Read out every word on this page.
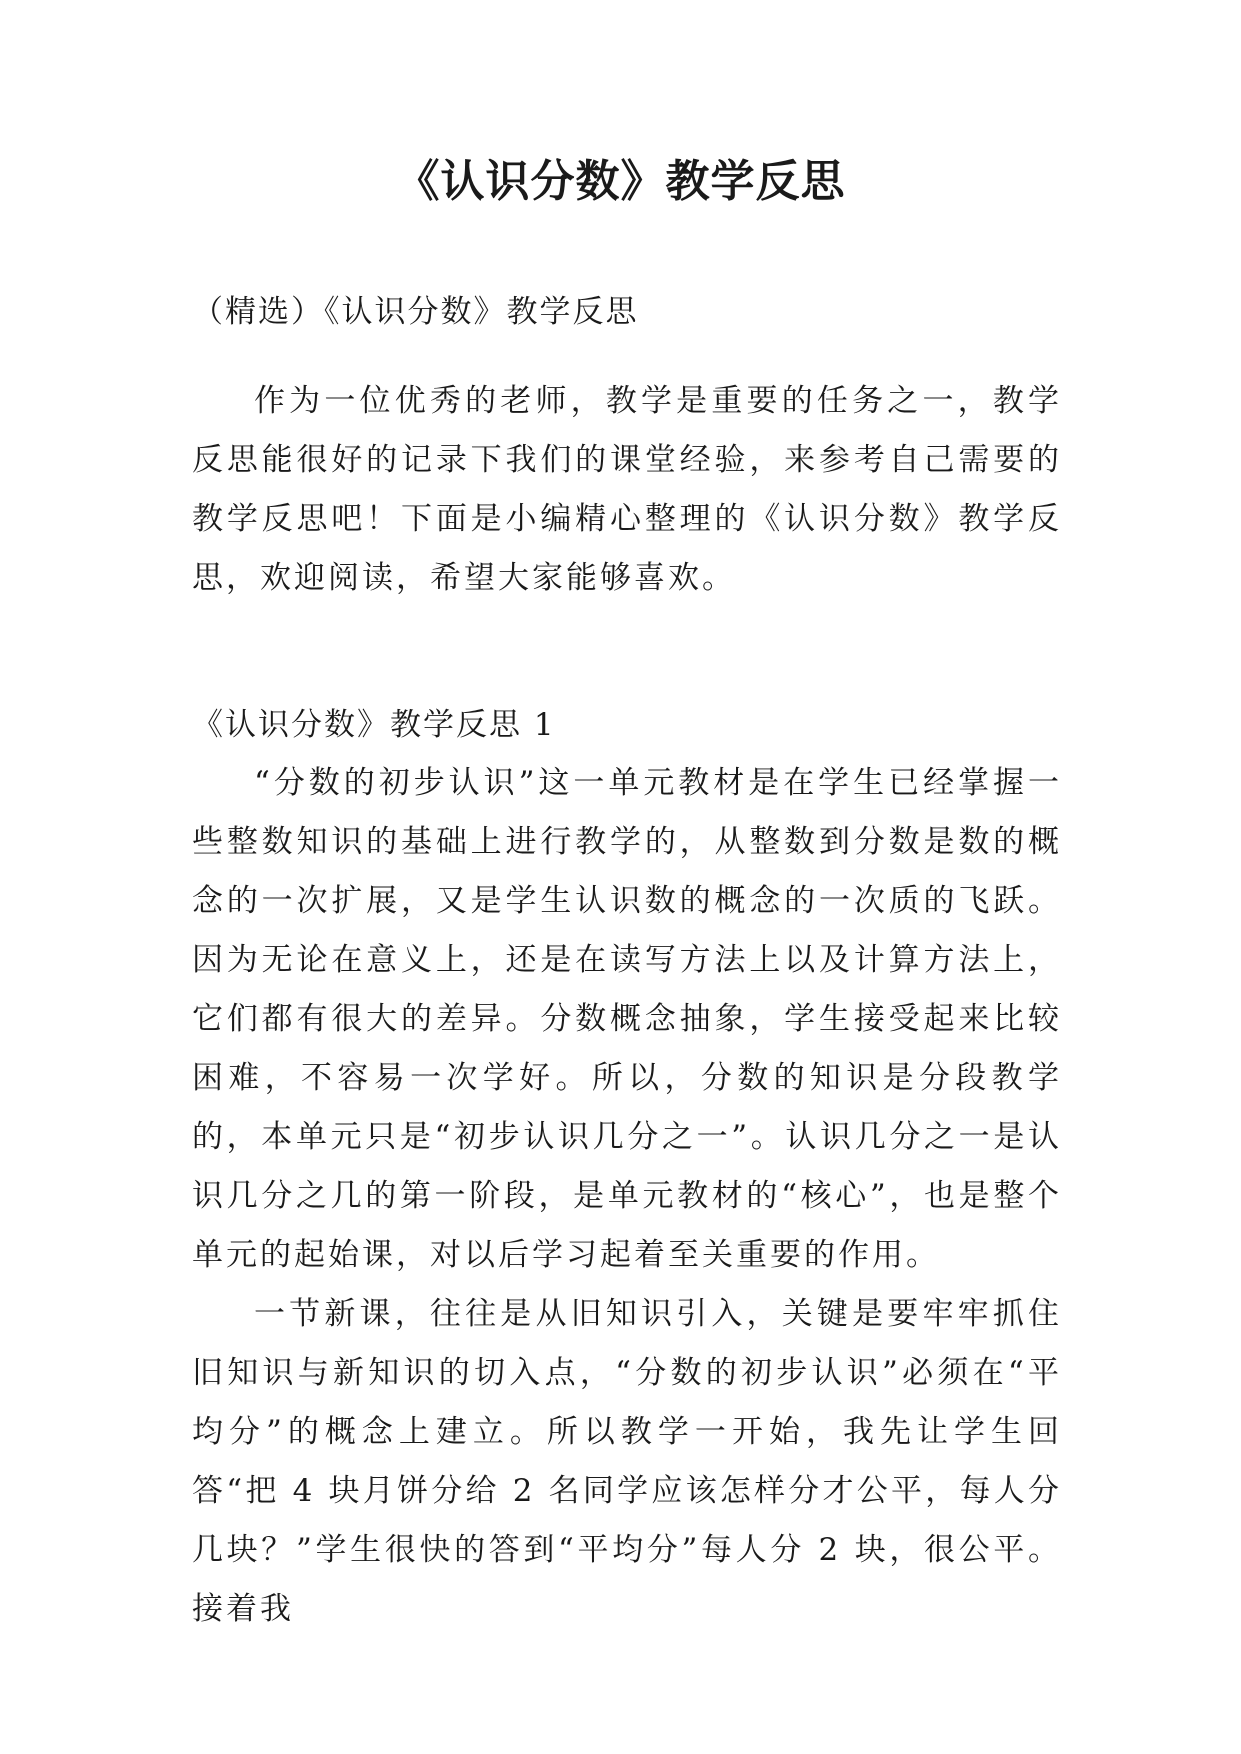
《认识分数》教学反思
（精选）《认识分数》教学反思

作为一位优秀的老师，教学是重要的任务之一，教学反思能很好的记录下我们的课堂经验，来参考自己需要的教学反思吧！下面是小编精心整理的《认识分数》教学反思，欢迎阅读，希望大家能够喜欢。

《认识分数》教学反思 1

“分数的初步认识”这一单元教材是在学生已经掌握一些整数知识的基础上进行教学的，从整数到分数是数的概念的一次扩展，又是学生认识数的概念的一次质的飞跃。因为无论在意义上，还是在读写方法上以及计算方法上，它们都有很大的差异。分数概念抽象，学生接受起来比较困难，不容易一次学好。所以，分数的知识是分段教学的，本单元只是“初步认识几分之一”。认识几分之一是认识几分之几的第一阶段，是单元教材的“核心”，也是整个单元的起始课，对以后学习起着至关重要的作用。

一节新课，往往是从旧知识引入，关键是要牢牢抓住旧知识与新知识的切入点，“分数的初步认识”必须在“平均分”的概念上建立。所以教学一开始，我先让学生回答“把 4 块月饼分给 2 名同学应该怎样分才公平，每人分几块？”学生很快的答到“平均分”每人分 2 块，很公平。接着我
